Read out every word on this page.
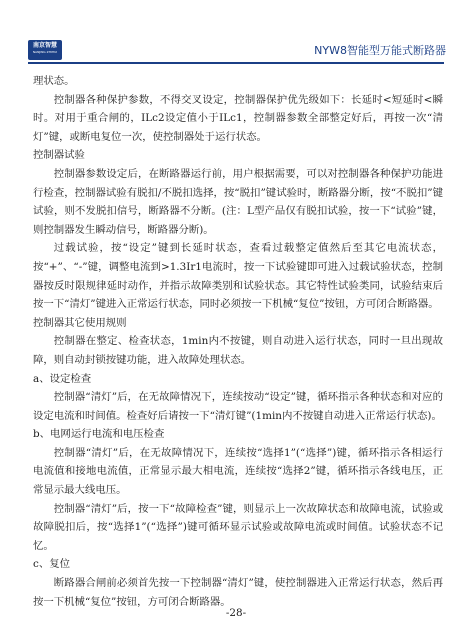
南京智慧
NANJING ZHIHUI	NYW8智能型万能式断路器

理状态。

控制器各种保护参数，不得交叉设定，控制器保护优先级如下：长延时<短延时<瞬时。对用于重合闸的，ILc2设定值小于ILc1，控制器参数全部整定好后，再按一次“清灯”键，或断电复位一次，使控制器处于运行状态。

控制器试验

控制器参数设定后，在断路器运行前，用户根据需要，可以对控制器各种保护功能进行检查，控制器试验有脱扣/不脱扣选择，按“脱扣”键试验时，断路器分断，按“不脱扣”键试验，则不发脱扣信号，断路器不分断。(注：L型产品仅有脱扣试验，按一下“试验”键，则控制器发生瞬动信号，断路器分断)。

过载试验，按“设定”键到长延时状态，查看过载整定值然后至其它电流状态，按“+”、“-”键，调整电流到>1.3Ir1电流时，按一下试验键即可进入过载试验状态，控制器按反时限规律延时动作，并指示故障类别和试验状态。其它特性试验类同，试验结束后按一下“清灯”键进入正常运行状态，同时必须按一下机械“复位”按钮，方可闭合断路器。

控制器其它使用规则

控制器在整定、检查状态，1min内不按键，则自动进入运行状态，同时一旦出现故障，则自动封锁按键功能，进入故障处理状态。

a、设定检查

控制器“清灯”后，在无故障情况下，连续按动“设定”键，循环指示各种状态和对应的设定电流和时间值。检查好后请按一下“清灯键”(1min内不按键自动进入正常运行状态)。

b、电网运行电流和电压检查

控制器“清灯”后，在无故障情况下，连续按“选择1”(“选择”)键，循环指示各相运行电流值和接地电流值，正常显示最大相电流，连续按“选择2”键，循环指示各线电压，正常显示最大线电压。

控制器“清灯”后，按一下“故障检查”键，则显示上一次故障状态和故障电流，试验或故障脱扣后，按“选择1”(“选择”)键可循环显示试验或故障电流或时间值。试验状态不记忆。

c、复位

断路器合闸前必须首先按一下控制器“清灯”键，使控制器进入正常运行状态，然后再按一下机械“复位”按钮，方可闭合断路器。

-28-
